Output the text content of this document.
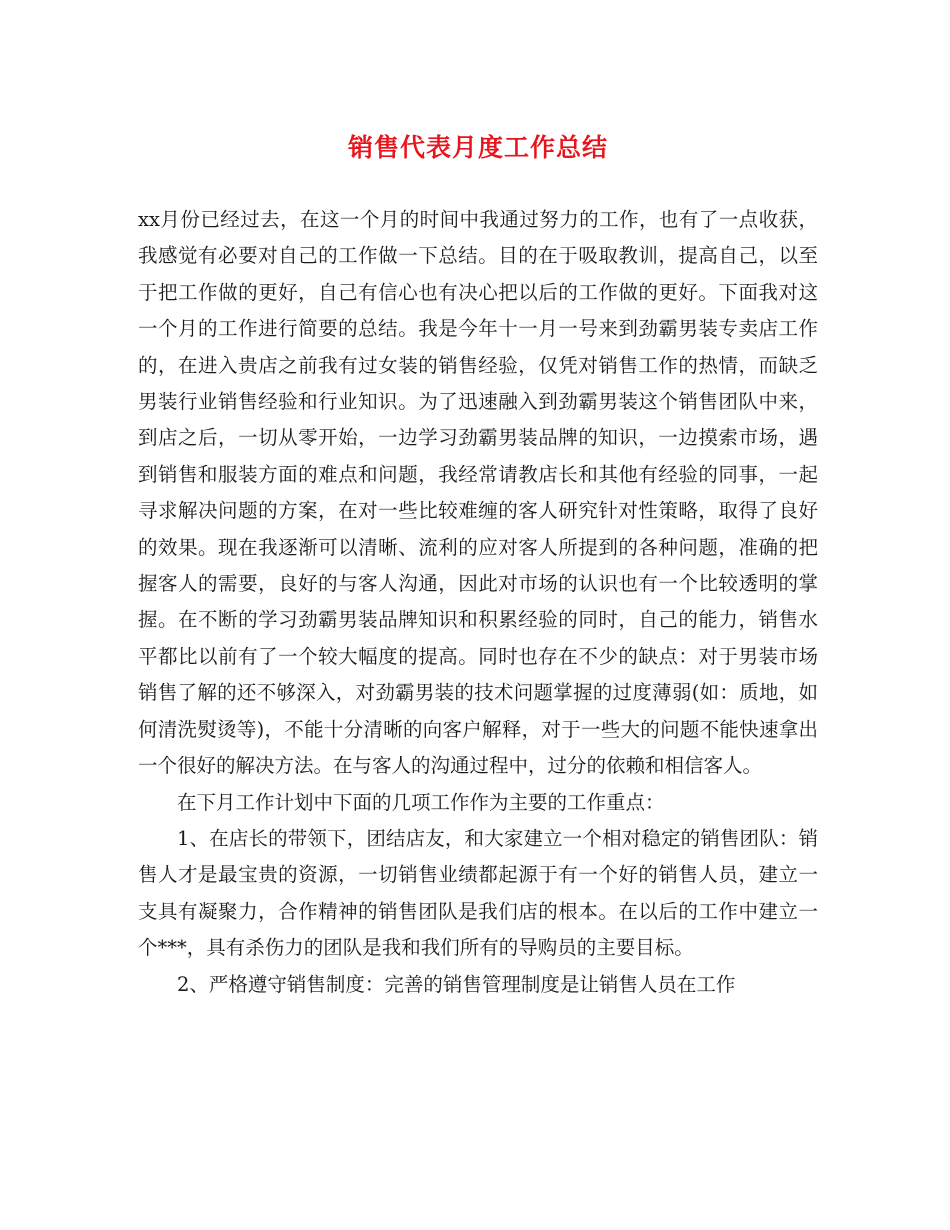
销售代表月度工作总结

xx月份已经过去，在这一个月的时间中我通过努力的工作，也有了一点收获，我感觉有必要对自己的工作做一下总结。目的在于吸取教训，提高自己，以至于把工作做的更好，自己有信心也有决心把以后的工作做的更好。下面我对这一个月的工作进行简要的总结。我是今年十一月一号来到劲霸男装专卖店工作的，在进入贵店之前我有过女装的销售经验，仅凭对销售工作的热情，而缺乏男装行业销售经验和行业知识。为了迅速融入到劲霸男装这个销售团队中来，到店之后，一切从零开始，一边学习劲霸男装品牌的知识，一边摸索市场，遇到销售和服装方面的难点和问题，我经常请教店长和其他有经验的同事，一起寻求解决问题的方案，在对一些比较难缠的客人研究针对性策略，取得了良好的效果。现在我逐渐可以清晰、流利的应对客人所提到的各种问题，准确的把握客人的需要，良好的与客人沟通，因此对市场的认识也有一个比较透明的掌握。在不断的学习劲霸男装品牌知识和积累经验的同时，自己的能力，销售水平都比以前有了一个较大幅度的提高。同时也存在不少的缺点：对于男装市场销售了解的还不够深入，对劲霸男装的技术问题掌握的过度薄弱(如：质地，如何清洗熨烫等)，不能十分清晰的向客户解释，对于一些大的问题不能快速拿出一个很好的解决方法。在与客人的沟通过程中，过分的依赖和相信客人。

在下月工作计划中下面的几项工作作为主要的工作重点：

1、在店长的带领下，团结店友，和大家建立一个相对稳定的销售团队：销售人才是最宝贵的资源，一切销售业绩都起源于有一个好的销售人员，建立一支具有凝聚力，合作精神的销售团队是我们店的根本。在以后的工作中建立一个***，具有杀伤力的团队是我和我们所有的导购员的主要目标。

2、严格遵守销售制度：完善的销售管理制度是让销售人员在工作
